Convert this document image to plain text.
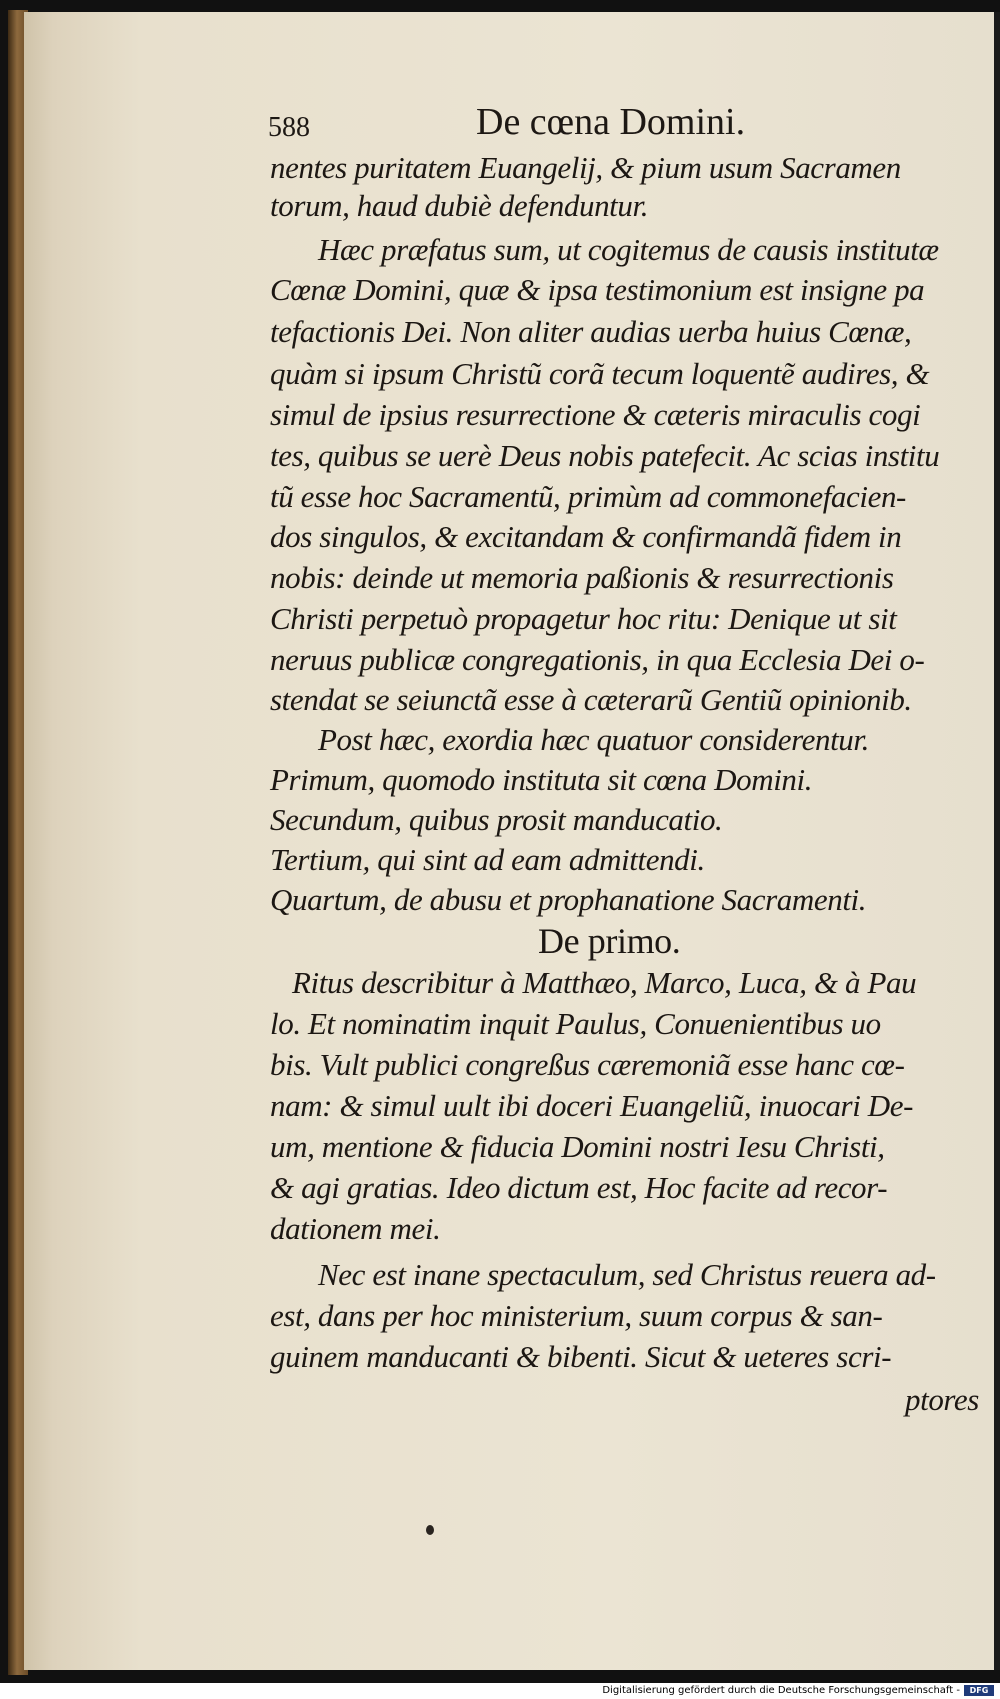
588	De cœna Domini.
nentes puritatem Euangelij, & pium usum Sacramen
torum, haud dubiè defenduntur.
Hæc præfatus sum, ut cogitemus de causis institutæ
Cœnæ Domini, quæ & ipsa testimonium est insigne pa
tefactionis Dei. Non aliter audias uerba huius Cœnæ,
quàm si ipsum Christũ corã tecum loquentẽ audires, &
simul de ipsius resurrectione & cæteris miraculis cogi
tes, quibus se uerè Deus nobis patefecit. Ac scias institu
tũ esse hoc Sacramentũ, primùm ad commonefacien-
dos singulos, & excitandam & confirmandã fidem in
nobis: deinde ut memoria paßionis & resurrectionis
Christi perpetuò propagetur hoc ritu: Denique ut sit
neruus publicæ congregationis, in qua Ecclesia Dei o-
stendat se seiunctã esse à cæterarũ Gentiũ opinionib.
Post hæc, exordia hæc quatuor considerentur.
Primum, quomodo instituta sit cœna Domini.
Secundum, quibus prosit manducatio.
Tertium, qui sint ad eam admittendi.
Quartum, de abusu et prophanatione Sacramenti.
De primo.
Ritus describitur à Matthæo, Marco, Luca, & à Pau
lo. Et nominatim inquit Paulus, Conuenientibus uo
bis. Vult publici congreßus cæremoniã esse hanc cœ-
nam: & simul uult ibi doceri Euangeliũ, inuocari De-
um, mentione & fiducia Domini nostri Iesu Christi,
& agi gratias. Ideo dictum est, Hoc facite ad recor-
dationem mei.
Nec est inane spectaculum, sed Christus reuera ad-
est, dans per hoc ministerium, suum corpus & san-
guinem manducanti & bibenti. Sicut & ueteres scri-
ptores
Digitalisierung gefördert durch die Deutsche Forschungsgemeinschaft -	DFG
